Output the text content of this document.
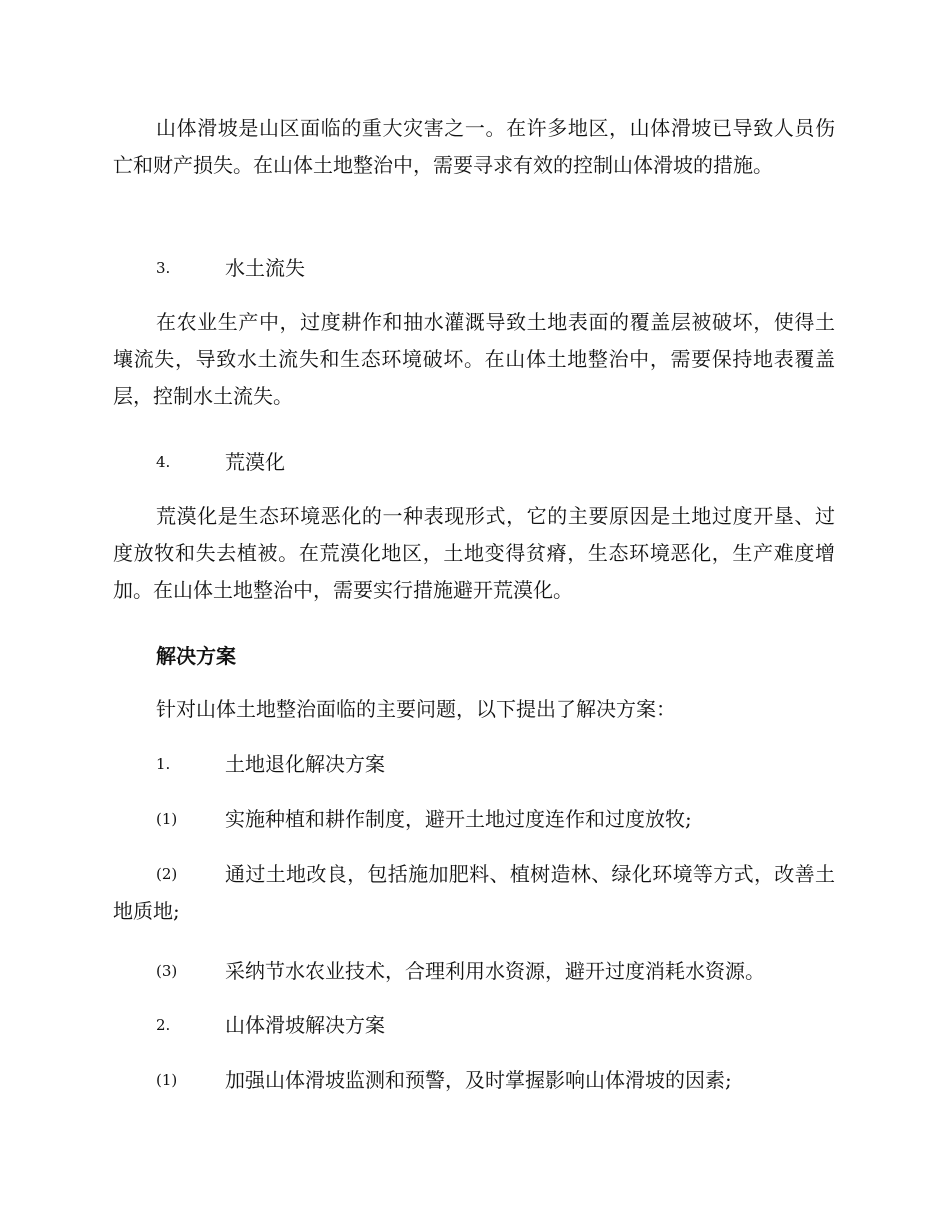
山体滑坡是山区面临的重大灾害之一。在许多地区，山体滑坡已导致人员伤亡和财产损失。在山体土地整治中，需要寻求有效的控制山体滑坡的措施。

3.	水土流失

在农业生产中，过度耕作和抽水灌溉导致土地表面的覆盖层被破坏，使得土壤流失，导致水土流失和生态环境破坏。在山体土地整治中，需要保持地表覆盖层，控制水土流失。

4.	荒漠化

荒漠化是生态环境恶化的一种表现形式，它的主要原因是土地过度开垦、过度放牧和失去植被。在荒漠化地区，土地变得贫瘠，生态环境恶化，生产难度增加。在山体土地整治中，需要实行措施避开荒漠化。

解决方案

针对山体土地整治面临的主要问题，以下提出了解决方案：

1.	土地退化解决方案
(1)	实施种植和耕作制度，避开土地过度连作和过度放牧;
(2)	通过土地改良，包括施加肥料、植树造林、绿化环境等方式，改善土地质地;
(3)	采纳节水农业技术，合理利用水资源，避开过度消耗水资源。
2.	山体滑坡解决方案
(1)	加强山体滑坡监测和预警，及时掌握影响山体滑坡的因素;
